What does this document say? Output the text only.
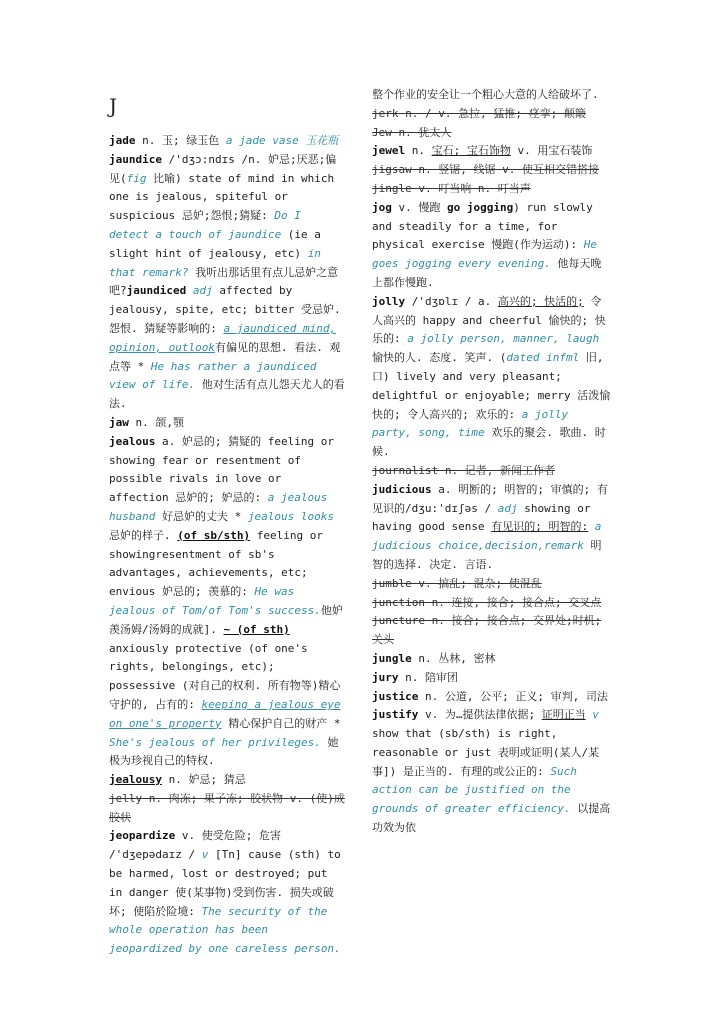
J
jade n. 玉; 绿玉色 a jade vase 玉花瓶
jaundice /'dʒɔ:ndɪs /n. 妒忌;厌恶;偏见(fig 比喻) state of mind in which one is jealous, spiteful or suspicious 忌妒;怨恨;猜疑: Do I detect a touch of jaundice (ie a slight hint of jealousy, etc) in that remark? 我听出那话里有点儿忌妒之意吧?jaundiced adj affected by jealousy, spite, etc; bitter 受忌妒. 怨恨. 猜疑等影响的: a jaundiced mind, opinion, outlook有偏见的思想. 看法. 观点等 * He has rather a jaundiced view of life. 他对生活有点儿怨天尤人的看法.
jaw n. 颌,颚
jealous a. 妒忌的; 猜疑的 feeling or showing fear or resentment of possible rivals in love or affection 忌妒的; 妒忌的: a jealous husband 好忌妒的丈夫 * jealous looks 忌妒的样子. (of sb/sth) feeling or showingresentment of sb's advantages, achievements, etc; envious 妒忌的; 羡慕的: He was jealous of Tom/of Tom's success.他妒羡汤姆/汤姆的成就]. ~ (of sth) anxiously protective (of one's rights, belongings, etc); possessive (对自己的权利. 所有物等)精心守护的, 占有的: keeping a jealous eye on one's property 精心保护自己的财产 * She's jealous of her privileges. 她极为珍视自己的特权.
jealousy n. 妒忌; 猜忌
jelly n. 肉冻; 果子冻; 胶状物 v. (使)成胶状
jeopardize v. 使受危险; 危害 /'dʒepədaɪz / v [Tn] cause (sth) to be harmed, lost or destroyed; put in danger 使(某事物)受到伤害. 损失或破坏; 使陷於险境: The security of the whole operation has been jeopardized by one careless person.
整个作业的安全让一个粗心大意的人给破坏了.
jerk n. / v. 急拉, 猛推; 痉挛; 颠簸
Jew n. 犹太人
jewel n. 宝石; 宝石饰物 v. 用宝石装饰
jigsaw n. 竖锯, 线锯 v. 使互相交错搭接
jingle v. 叮当响 n. 叮当声
jog v. 慢跑 go jogging) run slowly and steadily for a time, for physical exercise 慢跑(作为运动): He goes jogging every evening. 他每天晚上都作慢跑.
jolly /'dʒɒlɪ / a. 高兴的; 快活的; 令人高兴的 happy and cheerful 愉快的; 快乐的: a jolly person, manner, laugh 愉快的人. 态度. 笑声. (dated infml 旧, 口) lively and very pleasant; delightful or enjoyable; merry 活泼愉快的; 令人高兴的; 欢乐的: a jolly party, song, time 欢乐的聚会. 歌曲. 时候.
journalist n. 记者, 新闻工作者
judicious a. 明断的; 明智的; 审慎的; 有见识的/dʒu:'dɪʃəs / adj showing or having good sense 有见识的; 明智的: a judicious choice,decision,remark 明智的选择. 决定. 言语.
jumble v. 搞乱; 混杂; 使混乱
junction n. 连接, 接合; 接合点; 交叉点
juncture n. 接合; 接合点; 交界处;时机; 关头
jungle n. 丛林, 密林
jury n. 陪审团
justice n. 公道, 公平; 正义; 审判, 司法
justify v. 为…提供法律依据; 证明正当 v show that (sb/sth) is right, reasonable or just 表明或证明(某人/某事]) 是正当的. 有理的或公正的: Such action can be justified on the grounds of greater efficiency. 以提高功效为依
